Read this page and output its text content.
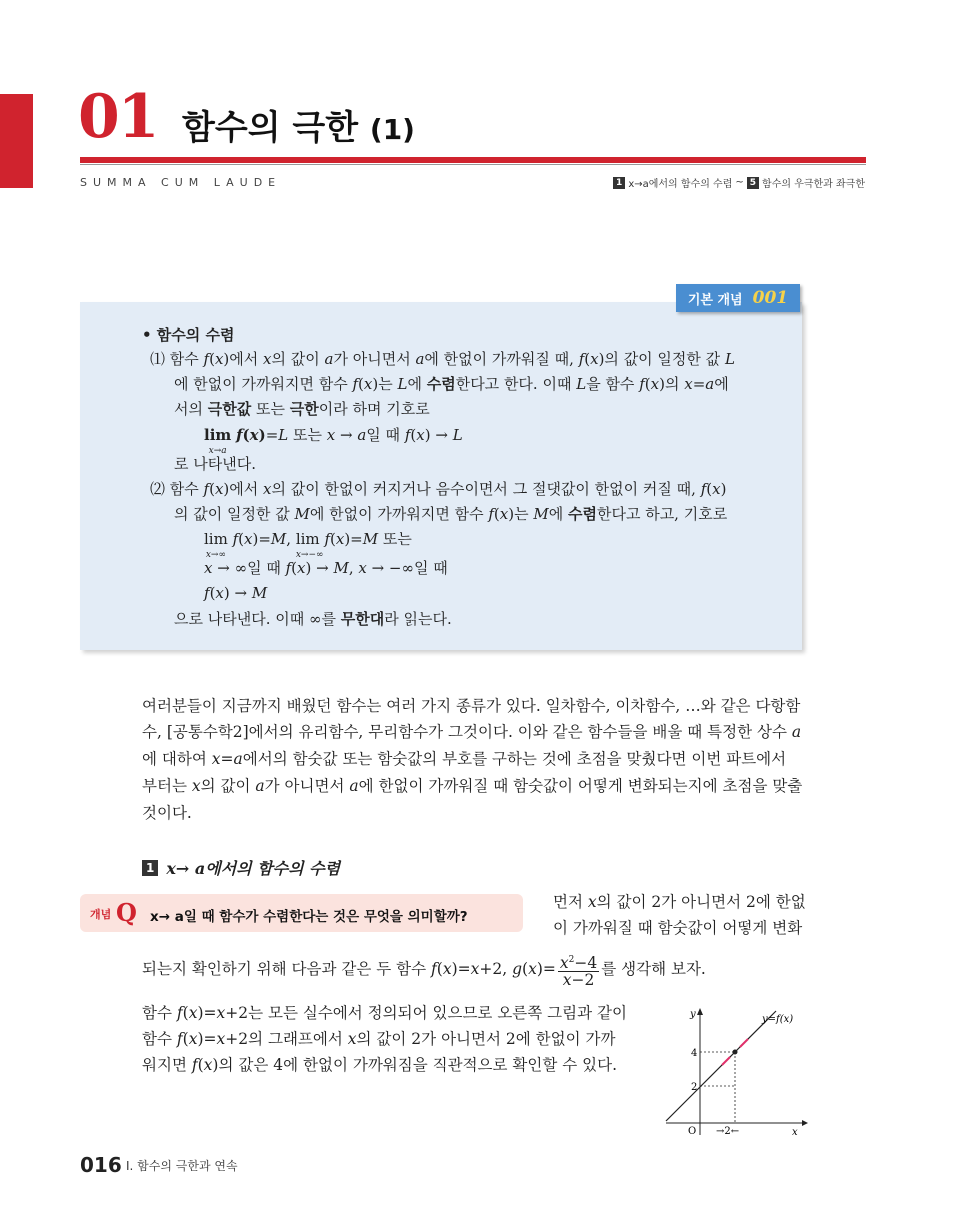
01 함수의 극한 (1)
SUMMA CUM LAUDE	1 x→a에서의 함수의 수렴 ~ 5 함수의 우극한과 좌극한
기본 개념 001
• 함수의 수렴
⑴ 함수 f(x)에서 x의 값이 a가 아니면서 a에 한없이 가까워질 때, f(x)의 값이 일정한 값 L
에 한없이 가까워지면 함수 f(x)는 L에 수렴한다고 한다. 이때 L을 함수 f(x)의 x=a에
서의 극한값 또는 극한이라 하며 기호로
lim
x→a
f(x)=L 또는 x → a일 때 f(x) → L
로 나타낸다.
⑵ 함수 f(x)에서 x의 값이 한없이 커지거나 음수이면서 그 절댓값이 한없이 커질 때, f(x)
의 값이 일정한 값 M에 한없이 가까워지면 함수 f(x)는 M에 수렴한다고 하고, 기호로
lim
x→∞
f(x)=M, lim
x→−∞
f(x)=M 또는
x → ∞일 때 f(x) → M, x → −∞일 때
f(x) → M
으로 나타낸다. 이때 ∞를 무한대라 읽는다.
여러분들이 지금까지 배웠던 함수는 여러 가지 종류가 있다. 일차함수, 이차함수, …와 같은 다항함
수, [공통수학2]에서의 유리함수, 무리함수가 그것이다. 이와 같은 함수들을 배울 때 특정한 상수 a
에 대하여 x=a에서의 함숫값 또는 함숫값의 부호를 구하는 것에 초점을 맞췄다면 이번 파트에서
부터는 x의 값이 a가 아니면서 a에 한없이 가까워질 때 함숫값이 어떻게 변화되는지에 초점을 맞출
것이다.
1 x→ a에서의 함수의 수렴
개념 Q x→ a일 때 함수가 수렴한다는 것은 무엇을 의미할까?
먼저 x의 값이 2가 아니면서 2에 한없
이 가까워질 때 함숫값이 어떻게 변화
되는지 확인하기 위해 다음과 같은 두 함수 f(x)=x+2, $g(x)= \frac{x^2-4}{x-2}$ 를 생각해 보자.
함수 f(x)=x+2는 모든 실수에서 정의되어 있으므로 오른쪽 그림과 같이
함수 f(x)=x+2의 그래프에서 x의 값이 2가 아니면서 2에 한없이 가까
워지면 f(x)의 값은 4에 한없이 가까워짐을 직관적으로 확인할 수 있다.
y
x
O
y=f(x)
4
2
→2←
016 Ⅰ. 함수의 극한과 연속
